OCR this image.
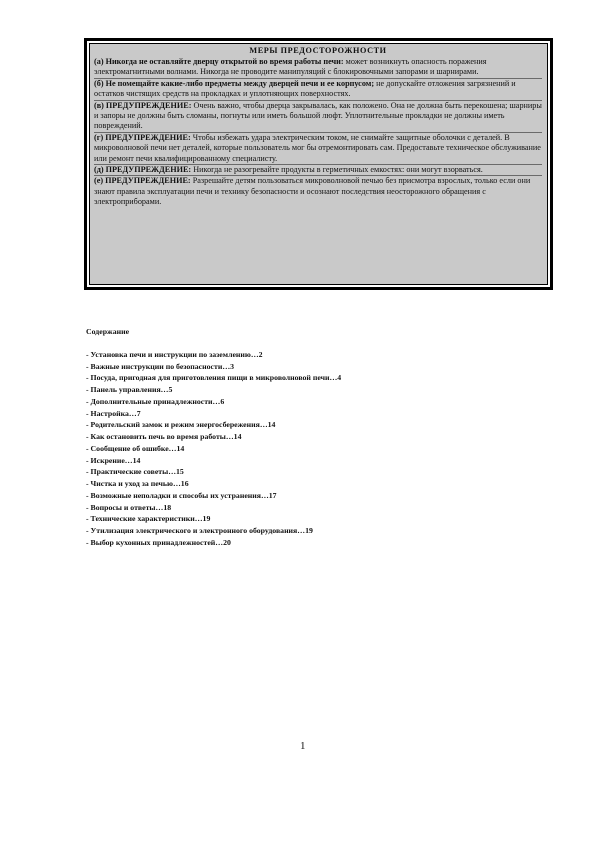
МЕРЫ ПРЕДОСТОРОЖНОСТИ
(а) Никогда не оставляйте дверцу открытой во время работы печи: может возникнуть опасность поражения электромагнитными волнами. Никогда не проводите манипуляций с блокировочными запорами и шарнирами.
(б) Не помещайте какие-либо предметы между дверцей печи и ее корпусом; не допускайте отложения загрязнений и остатков чистящих средств на прокладках и уплотняющих поверхностях.
(в) ПРЕДУПРЕЖДЕНИЕ: Очень важно, чтобы дверца закрывалась, как положено. Она не должна быть перекошена; шарниры и запоры не должны быть сломаны, погнуты или иметь большой люфт. Уплотнительные прокладки не должны иметь повреждений.
(г) ПРЕДУПРЕЖДЕНИЕ: Чтобы избежать удара электрическим током, не снимайте защитные оболочки с деталей. В микроволновой печи нет деталей, которые пользователь мог бы отремонтировать сам. Предоставьте техническое обслуживание или ремонт печи квалифицированному специалисту.
(д) ПРЕДУПРЕЖДЕНИЕ: Никогда не разогревайте продукты в герметичных емкостях: они могут взорваться.
(е) ПРЕДУПРЕЖДЕНИЕ: Разрешайте детям пользоваться микроволновой печью без присмотра взрослых, только если они знают правила эксплуатации печи и технику безопасности и осознают последствия неосторожного обращения с электроприборами.
Содержание
- Установка печи и инструкции по заземлению…2
- Важные инструкции по безопасности…3
- Посуда, пригодная для приготовления пищи в микроволновой печи…4
- Панель управления…5
- Дополнительные принадлежности…6
- Настройка…7
- Родительский замок и режим энергосбережения…14
- Как остановить печь во время работы…14
- Сообщение об ошибке…14
- Искрение…14
- Практические советы…15
- Чистка и уход за печью…16
- Возможные неполадки и способы их устранения…17
- Вопросы и ответы…18
- Технические характеристики…19
- Утилизация электрического и электронного оборудования…19
- Выбор кухонных принадлежностей…20
1
